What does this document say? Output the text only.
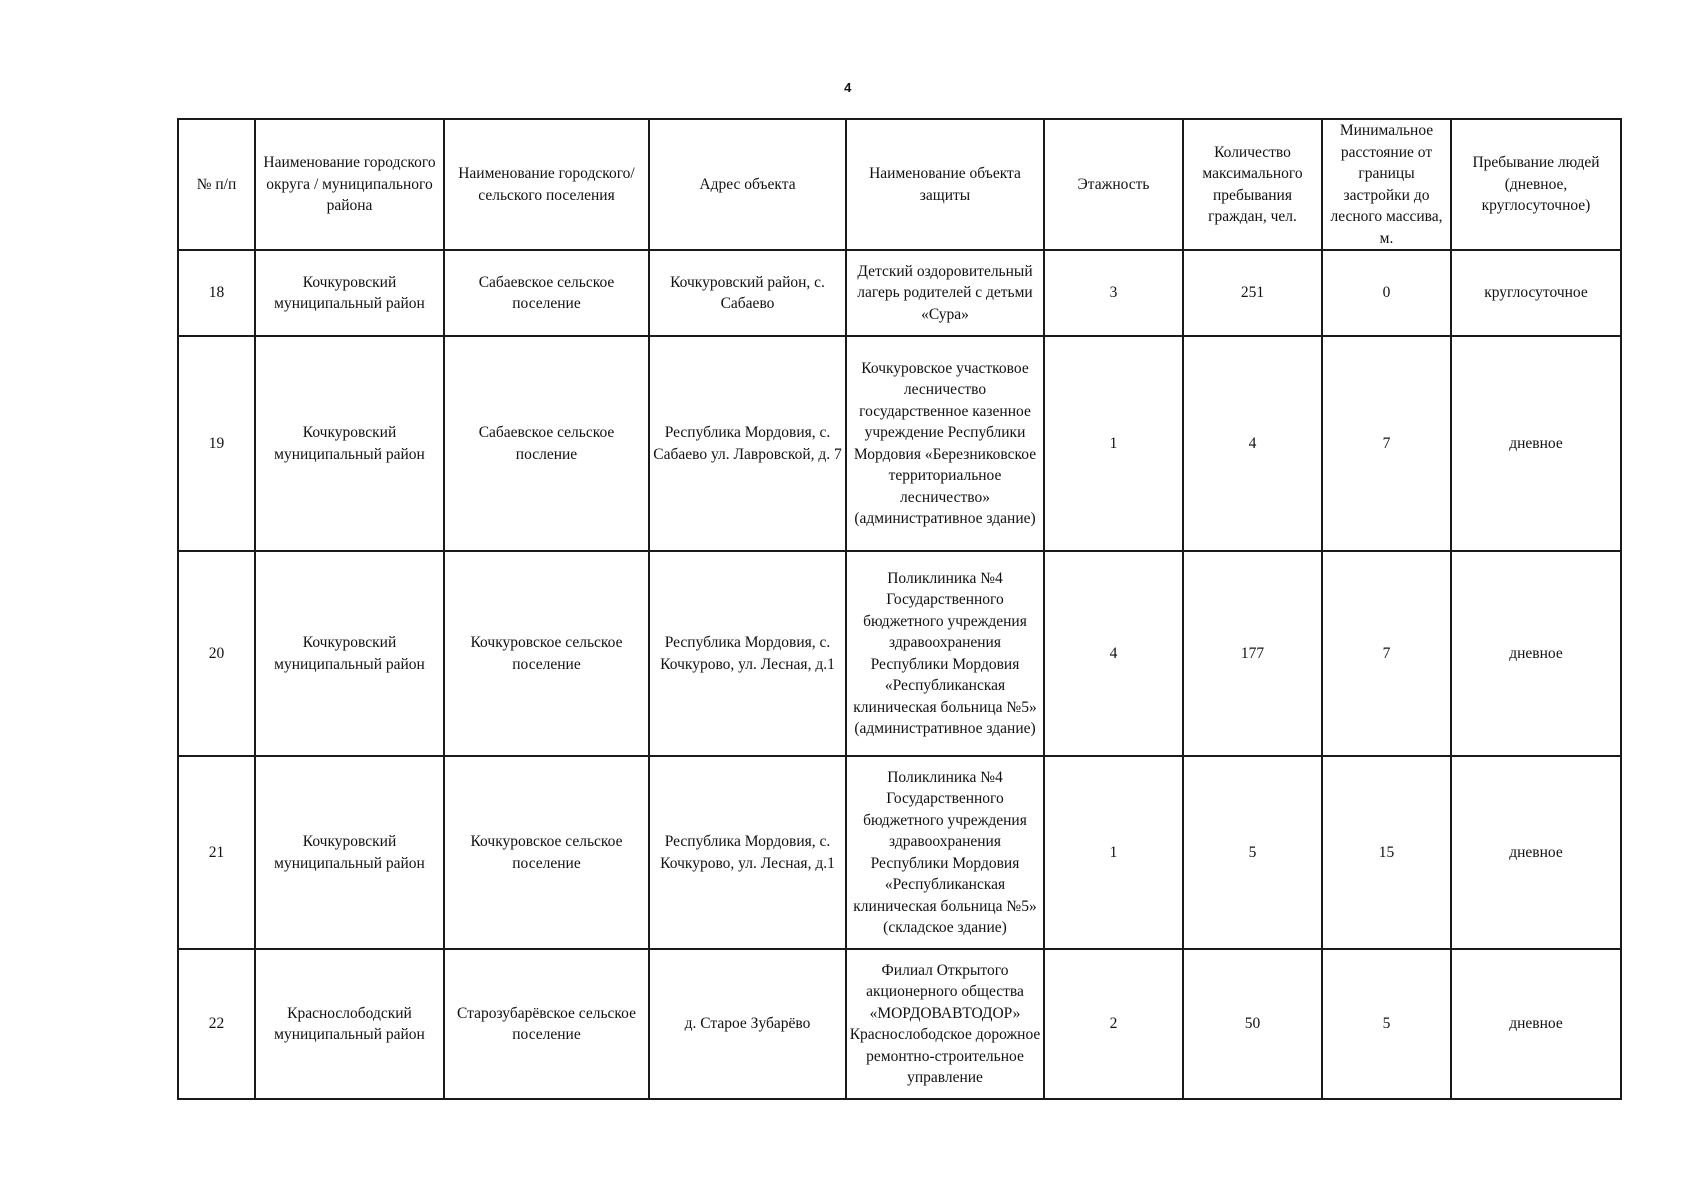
4
№ п/п	Наименование городского округа / муниципального района	Наименование городского/ сельского поселения	Адрес объекта	Наименование объекта защиты	Этажность	Количество максимального пребывания граждан, чел.	Минимальное расстояние от границы застройки до лесного массива, м.	Пребывание людей (дневное, круглосуточное)
18	Кочкуровский муниципальный район	Сабаевское сельское поселение	Кочкуровский район, с. Сабаево	Детский оздоровительный лагерь родителей с детьми «Сура»	3	251	0	круглосуточное
19	Кочкуровский муниципальный район	Сабаевское сельское послeние	Республика Мордовия, с. Сабаево ул. Лавровской, д. 7	Кочкуровское участковое лесничество государственное казенное учреждение Республики Мордовия «Березниковское территориальное лесничество» (административное здание)	1	4	7	дневное
20	Кочкуровский муниципальный район	Кочкуровское сельское поселение	Республика Мордовия, с. Кочкурово, ул. Лесная, д.1	Поликлиника №4 Государственного бюджетного учреждения здравоохранения Республики Мордовия «Республиканская клиническая больница №5» (административное здание)	4	177	7	дневное
21	Кочкуровский муниципальный район	Кочкуровское сельское поселение	Республика Мордовия, с. Кочкурово, ул. Лесная, д.1	Поликлиника №4 Государственного бюджетного учреждения здравоохранения Республики Мордовия «Республиканская клиническая больница №5» (складское здание)	1	5	15	дневное
22	Краснослободский муниципальный район	Старозубарёвское сельское поселение	д. Старое Зубарёво	Филиал Открытого акционерного общества «МОРДОВАВТОДОР» Краснослободское дорожное ремонтно-строительное управление	2	50	5	дневное
